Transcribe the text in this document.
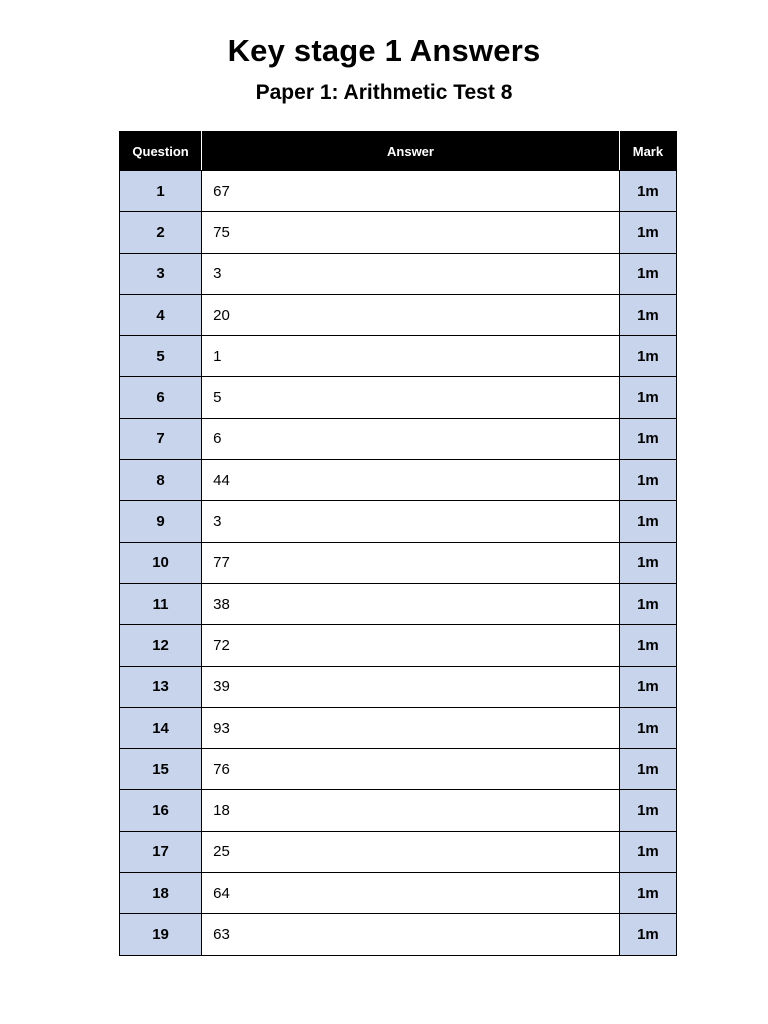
Key stage 1 Answers
Paper 1: Arithmetic Test 8
Question	Answer	Mark
1	67	1m
2	75	1m
3	3	1m
4	20	1m
5	1	1m
6	5	1m
7	6	1m
8	44	1m
9	3	1m
10	77	1m
11	38	1m
12	72	1m
13	39	1m
14	93	1m
15	76	1m
16	18	1m
17	25	1m
18	64	1m
19	63	1m
